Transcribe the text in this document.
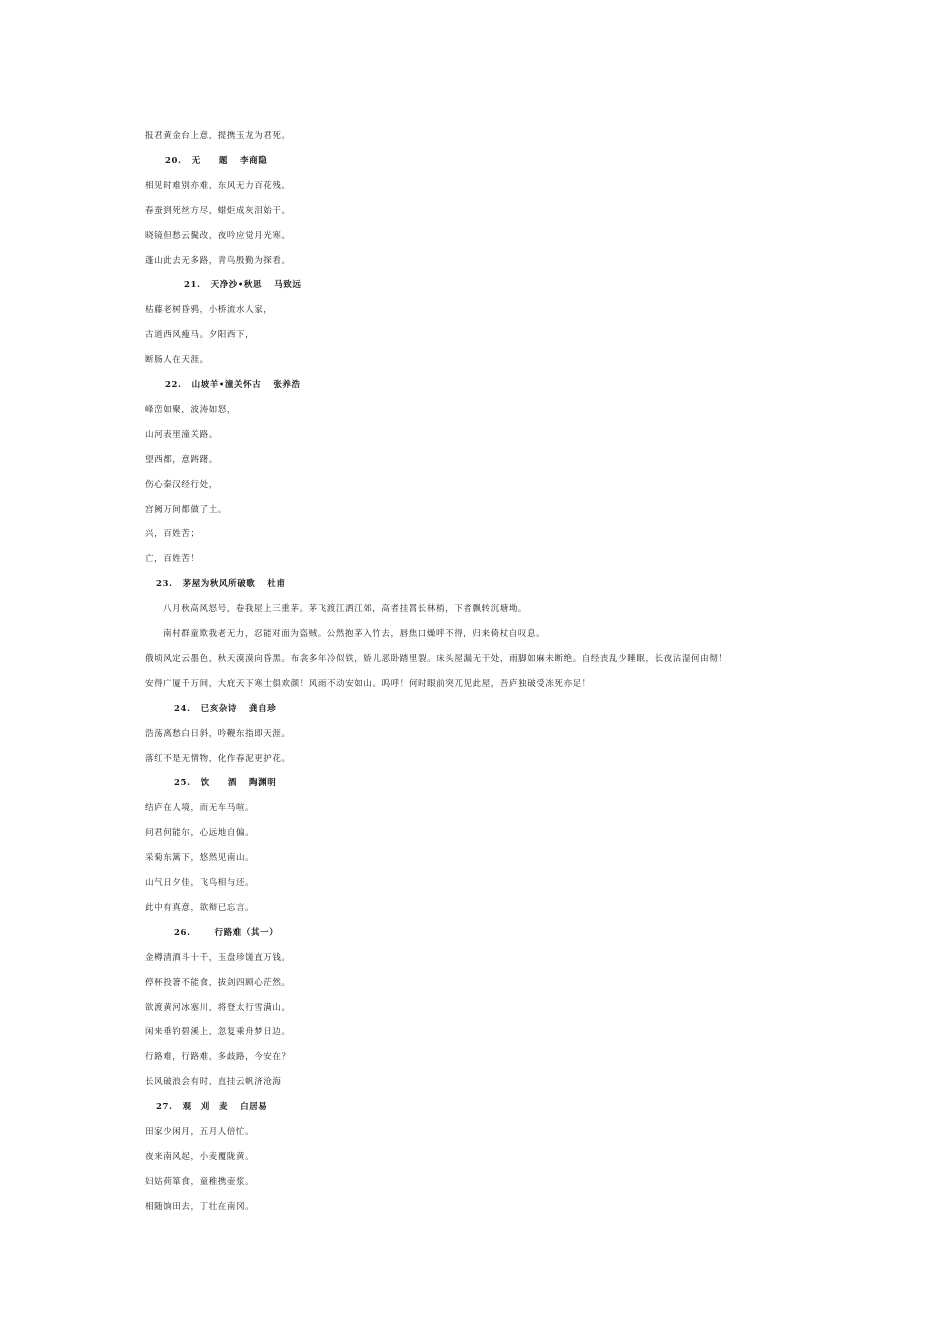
报君黄金台上意，提携玉龙为君死。
20. 无　　题 李商隐
相见时难别亦难，东风无力百花残。
春蚕到死丝方尽，蜡炬成灰泪始干。
晓镜但愁云鬓改，夜吟应觉月光寒。
蓬山此去无多路，青鸟殷勤为探看。
21. 天净沙•秋思 马致远
枯藤老树昏鸦，小桥流水人家，
古道西风瘦马。夕阳西下，
断肠人在天涯。
22. 山坡羊•潼关怀古 张养浩
峰峦如聚，波涛如怒，
山河表里潼关路。
望西都，意踌躇。
伤心秦汉经行处，
宫阙万间都做了土。
兴，百姓苦；
亡，百姓苦！
23. 茅屋为秋风所破歌 杜甫
八月秋高风怒号，卷我屋上三重茅。茅飞渡江洒江郊，高者挂罥长林梢，下者飘转沉塘坳。
南村群童欺我老无力，忍能对面为盗贼。公然抱茅入竹去，唇焦口燥呼不得，归来倚杖自叹息。
俄顷风定云墨色，秋天漠漠向昏黑。布衾多年冷似铁，娇儿恶卧踏里裂。床头屋漏无干处，雨脚如麻未断绝。自经丧乱少睡眠，长夜沾湿何由彻！
安得广厦千万间，大庇天下寒士俱欢颜！风雨不动安如山。呜呼！何时眼前突兀见此屋，吾庐独破受冻死亦足！
24. 已亥杂诗 龚自珍
浩荡离愁白日斜，吟鞭东指即天涯。
落红不是无情物，化作春泥更护花。
25. 饮　　酒 陶渊明
结庐在人境，而无车马喧。
问君何能尔，心远地自偏。
采菊东篱下，悠然见南山。
山气日夕佳，飞鸟相与还。
此中有真意，欲辩已忘言。
26.	行路难（其一）
金樽清酒斗十千，玉盘珍馐直万钱。
停杯投箸不能食，拔剑四顾心茫然。
欲渡黄河冰塞川，将登太行雪满山。
闲来垂钓碧溪上，忽复乘舟梦日边。
行路难，行路难，多歧路，今安在？
长风破浪会有时，直挂云帆济沧海
27. 观　刈　麦 白居易
田家少闲月，五月人倍忙。
夜来南风起，小麦覆陇黄。
妇姑荷箪食，童稚携壶浆。
相随饷田去，丁壮在南冈。
